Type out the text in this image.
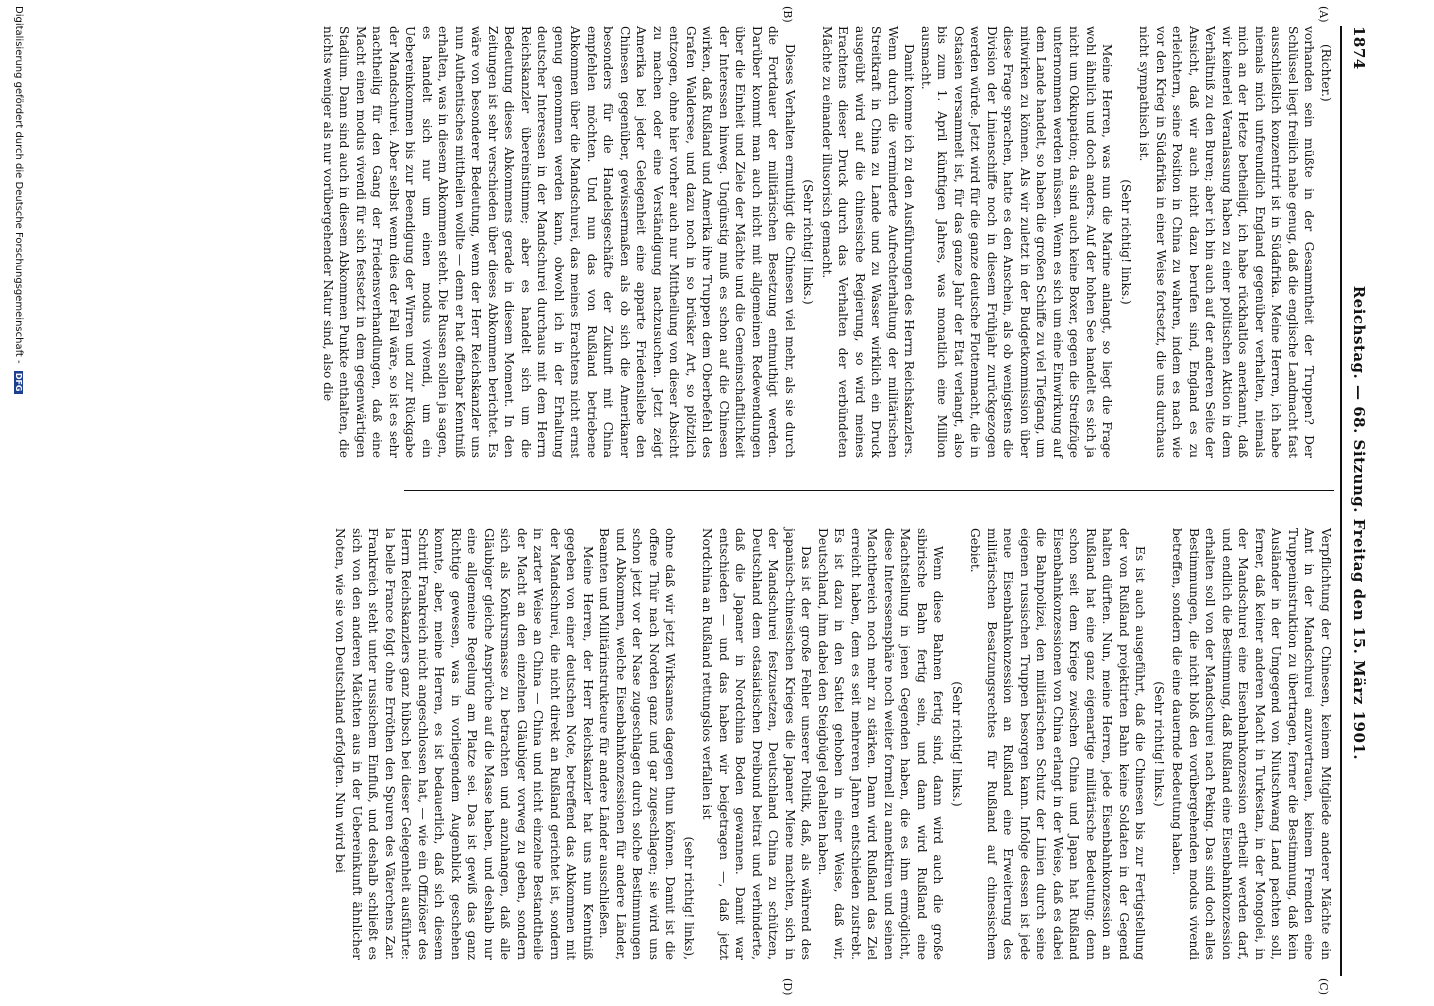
1874
Reichstag. — 68. Sitzung. Freitag den 15. März 1901.
(A)
(B)
(C)
(D)

(Richter.)

vorhanden sein müßte in der Gesammtheit der Truppen? Der Schlüssel liegt freilich nahe genug, daß die englische Landmacht fast ausschließlich konzentrirt ist in Südafrika. Meine Herren, ich habe niemals mich unfreundlich England gegenüber verhalten, niemals mich an der Hetze betheiligt, ich habe rückhaltlos anerkannt, daß wir keinerlei Veranlassung haben zu einer politischen Aktion in dem Verhältniß zu den Buren; aber ich bin auch auf der anderen Seite der Ansicht, daß wir auch nicht dazu berufen sind, England es zu erleichtern, seine Position in China zu wahren, indem es nach wie vor den Krieg in Südafrika in einer Weise fortsetzt, die uns durchaus nicht sympathisch ist.

(Sehr richtig! links.)

Meine Herren, was nun die Marine anlangt, so liegt die Frage wohl ähnlich und doch anders. Auf der hohen See handelt es sich ja nicht um Okkupation; da sind auch keine Boxer, gegen die Streifzüge unternommen werden müssen. Wenn es sich um eine Einwirkung auf dem Lande handelt, so haben die großen Schiffe zu viel Tiefgang, um mitwirken zu können. Als wir zuletzt in der Budgetkommission über diese Frage sprachen, hatte es den Anschein, als ob wenigstens die Division der Linienschiffe noch in diesem Frühjahr zurückgezogen werden würde. Jetzt wird für die ganze deutsche Flottenmacht, die in Ostasien versammelt ist, für das ganze Jahr der Etat verlangt, also bis zum 1. April künftigen Jahres, was monatlich eine Million ausmacht.

Damit komme ich zu den Ausführungen des Herrn Reichskanzlers. Wenn durch die verminderte Aufrechterhaltung der militärischen Streitkraft in China zu Lande und zu Wasser wirklich ein Druck ausgeübt wird auf die chinesische Regierung, so wird meines Erachtens dieser Druck durch das Verhalten der verbündeten Mächte zu einander illusorisch gemacht.

(Sehr richtig! links.)

Dieses Verhalten ermuthigt die Chinesen viel mehr, als sie durch die Fortdauer der militärischen Besetzung entmuthigt werden. Darüber kommt man auch nicht mit allgemeinen Redewendungen über die Einheit und Ziele der Mächte und die Gemeinschaftlichkeit der Interessen hinweg. Ungünstig muß es schon auf die Chinesen wirken, daß Rußland und Amerika ihre Truppen dem Oberbefehl des Grafen Waldersee, und dazu noch in so brüsker Art, so plötzlich entzogen, ohne hier vorher auch nur Mittheilung von dieser Absicht zu machen oder eine Verständigung nachzusuchen. Jetzt zeigt Amerika bei jeder Gelegenheit eine apparte Friedensliebe den Chinesen gegenüber, gewissermaßen als ob sich die Amerikaner besonders für die Handelsgeschäfte der Zukunft mit China empfehlen möchten. Und nun das von Rußland betriebene Abkommen über die Mandschurei, das meines Erachtens nicht ernst genug genommen werden kann, obwohl ich in der Erhaltung deutscher Interessen in der Mandschurei durchaus mit dem Herrn Reichskanzler übereinstimme; aber es handelt sich um die Bedeutung dieses Abkommens gerade in diesem Moment. In den Zeitungen ist sehr verschieden über dieses Abkommen berichtet. Es wäre von besonderer Bedeutung, wenn der Herr Reichskanzler uns nun Authentisches mittheilen wollte — denn er hat offenbar Kenntniß erhalten, was in diesem Abkommen steht. Die Russen sollen ja sagen, es handelt sich nur um einen modus vivendi, um ein Uebereinkommen bis zur Beendigung der Wirren und zur Rückgabe der Mandschurei. Aber selbst wenn dies der Fall wäre, so ist es sehr nachtheilig für den Gang der Friedensverhandlungen, daß eine Macht einen modus vivendi für sich festsetzt in dem gegenwärtigen Stadium. Dann sind auch in diesem Abkommen Punkte enthalten, die nichts weniger als nur vorübergehender Natur sind, also die

Verpflichtung der Chinesen, keinem Mitgliede anderer Mächte ein Amt in der Mandschurei anzuvertrauen, keinem Fremden eine Truppeninstruktion zu übertragen, ferner die Bestimmung, daß kein Ausländer in der Umgegend von Niutschwang Land pachten soll, ferner, daß keiner anderen Macht in Turkestan, in der Mongolei, in der Mandschurei eine Eisenbahnkonzession ertheilt werden darf, und endlich die Bestimmung, daß Rußland eine Eisenbahnkonzession erhalten soll von der Mandschurei nach Peking. Das sind doch alles Bestimmungen, die nicht bloß den vorübergehenden modus vivendi betreffen, sondern die eine dauernde Bedeutung haben.

(Sehr richtig! links.)

Es ist auch ausgeführt, daß die Chinesen bis zur Fertigstellung der von Rußland projektirten Bahn keine Soldaten in der Gegend halten dürften. Nun, meine Herren, jede Eisenbahnkonzession an Rußland hat eine ganz eigenartige militärische Bedeutung; denn schon seit dem Kriege zwischen China und Japan hat Rußland Eisenbahnkonzessionen von China erlangt in der Weise, daß es dabei die Bahnpolizei, den militärischen Schutz der Linien durch seine eigenen russischen Truppen besorgen kann. Infolge dessen ist jede neue Eisenbahnkonzession an Rußland eine Erweiterung des militärischen Besatzungsrechtes für Rußland auf chinesischem Gebiet.

(Sehr richtig! links.)

Wenn diese Bahnen fertig sind, dann wird auch die große sibirische Bahn fertig sein, und dann wird Rußland eine Machtstellung in jenen Gegenden haben, die es ihm ermöglicht, diese Interessensphäre noch weiter formell zu annektiren und seinen Machtbereich noch mehr zu stärken. Dann wird Rußland das Ziel erreicht haben, dem es seit mehreren Jahren entschieden zustrebt. Es ist dazu in den Sattel gehoben in einer Weise, daß wir, Deutschland, ihm dabei den Steigbügel gehalten haben.

Das ist der große Fehler unserer Politik, daß, als während des japanisch-chinesischen Krieges die Japaner Miene machten, sich in der Mandschurei festzusetzen, Deutschland China zu schützen, Deutschland dem ostasiatischen Dreibund beitrat und verhinderte, daß die Japaner in Nordchina Boden gewannen. Damit war entschieden — und das haben wir beigetragen —, daß jetzt Nordchina an Rußland rettungslos verfallen ist

(sehr richtig! links),

ohne daß wir jetzt Wirksames dagegen thun können. Damit ist die offene Thür nach Norden ganz und gar zugeschlagen; sie wird uns schon jetzt vor der Nase zugeschlagen durch solche Bestimmungen und Abkommen, welche Eisenbahnkonzessionen für andere Länder, Beamten und Militärinstrukteure für andere Länder ausschließen.

Meine Herren, der Herr Reichskanzler hat uns nun Kenntniß gegeben von einer deutschen Note, betreffend das Abkommen mit der Mandschurei, die nicht direkt an Rußland gerichtet ist, sondern in zarter Weise an China — China und nicht einzelne Bestandtheile der Macht an den einzelnen Gläubiger vorweg zu geben, sondern sich als Konkursmasse zu betrachten und anzuhangen, daß alle Gläubiger gleiche Ansprüche auf die Masse haben, und deshalb nur eine allgemeine Regelung am Platze sei. Das ist gewiß das ganz Richtige gewesen, was in vorliegendem Augenblick geschehen konnte, aber, meine Herren, es ist bedauerlich, daß sich diesem Schritt Frankreich nicht angeschlossen hat, — wie ein Offiziöser des Herrn Reichskanzlers ganz hübsch bei dieser Gelegenheit ausführte: la belle France folgt ohne Erröthen den Spuren des Väterchens Zar. Frankreich steht unter russischem Einfluß, und deshalb schließt es sich von den anderen Mächten aus in der Uebereinkunft ähnlicher Noten, wie sie von Deutschland erfolgten. Nun wird bei

Digitalisierung gefördert durch die Deutsche Forschungsgemeinschaft - DFG
